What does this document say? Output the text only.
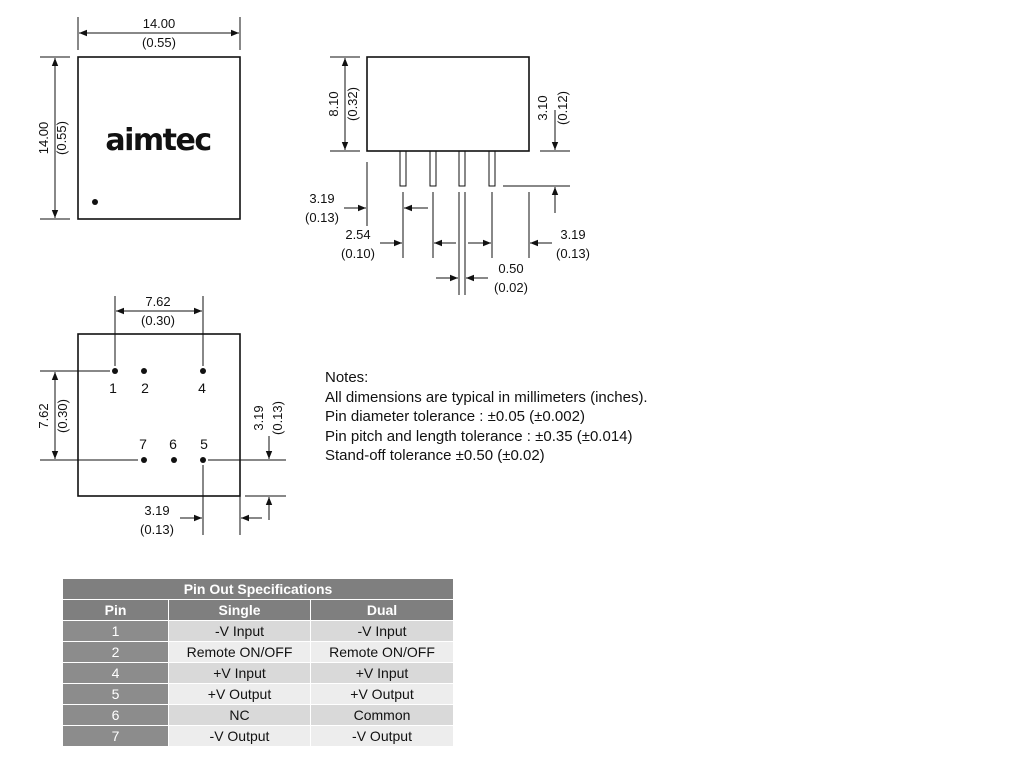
aimtec
14.00
(0.55)
14.00 (0.55)
8.10 (0.32)	3.10 (0.12)
3.19
(0.13)
2.54
(0.10)
3.19
(0.13)
0.50
(0.02)
7.62
(0.30)
7.62 (0.30)	3.19 (0.13)
3.19
(0.13)
1 2	4
7 6 5
Notes:
All dimensions are typical in millimeters (inches).
Pin diameter tolerance : ±0.05 (±0.002)
Pin pitch and length tolerance : ±0.35 (±0.014)
Stand-off tolerance ±0.50 (±0.02)
Pin Out Specifications		
Pin	Single	Dual
1	-V Input	-V Input
2	Remote ON/OFF	Remote ON/OFF
4	+V Input	+V Input
5	+V Output	+V Output
6	NC	Common
7	-V Output	-V Output
